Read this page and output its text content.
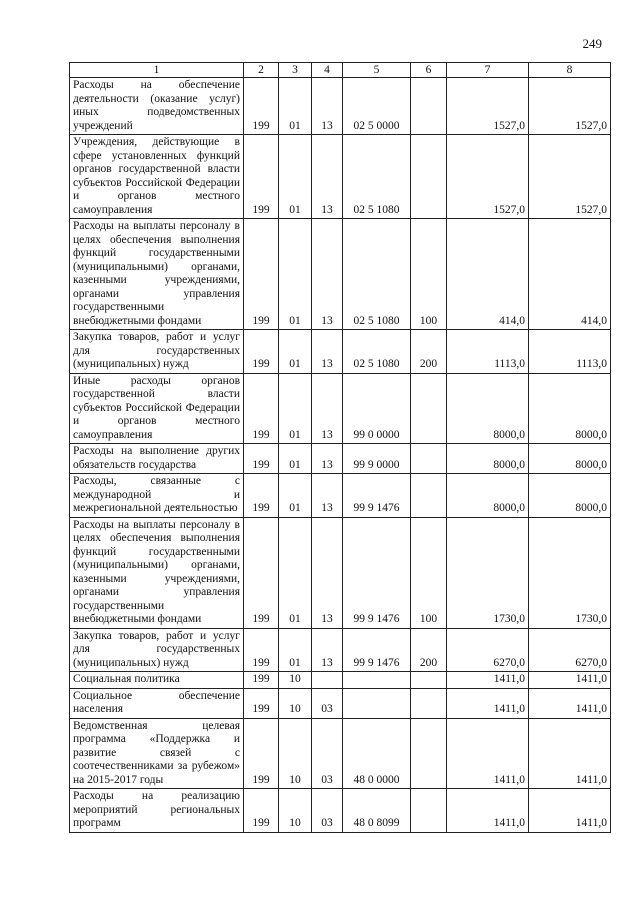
249
1	2	3	4	5	6	7	8
Расходы на обеспечение деятельности (оказание услуг) иных подведомственных учреждений	199	01	13	02 5 0000		1527,0	1527,0
Учреждения, действующие в сфере установленных функций органов государственной власти субъектов Российской Федерации и органов местного самоуправления	199	01	13	02 5 1080		1527,0	1527,0
Расходы на выплаты персоналу в целях обеспечения выполнения функций государственными (муниципальными) органами, казенными учреждениями, органами управления государственными внебюджетными фондами	199	01	13	02 5 1080	100	414,0	414,0
Закупка товаров, работ и услуг для государственных (муниципальных) нужд	199	01	13	02 5 1080	200	1113,0	1113,0
Иные расходы органов государственной власти субъектов Российской Федерации и органов местного самоуправления	199	01	13	99 0 0000		8000,0	8000,0
Расходы на выполнение других обязательств государства	199	01	13	99 9 0000		8000,0	8000,0
Расходы, связанные с международной и межрегиональной деятельностью	199	01	13	99 9 1476		8000,0	8000,0
Расходы на выплаты персоналу в целях обеспечения выполнения функций государственными (муниципальными) органами, казенными учреждениями, органами управления государственными внебюджетными фондами	199	01	13	99 9 1476	100	1730,0	1730,0
Закупка товаров, работ и услуг для государственных (муниципальных) нужд	199	01	13	99 9 1476	200	6270,0	6270,0
Социальная политика	199	10				1411,0	1411,0
Социальное обеспечение населения	199	10	03			1411,0	1411,0
Ведомственная целевая программа «Поддержка и развитие связей с соотечественниками за рубежом» на 2015-2017 годы	199	10	03	48 0 0000		1411,0	1411,0
Расходы на реализацию мероприятий региональных программ	199	10	03	48 0 8099		1411,0	1411,0
